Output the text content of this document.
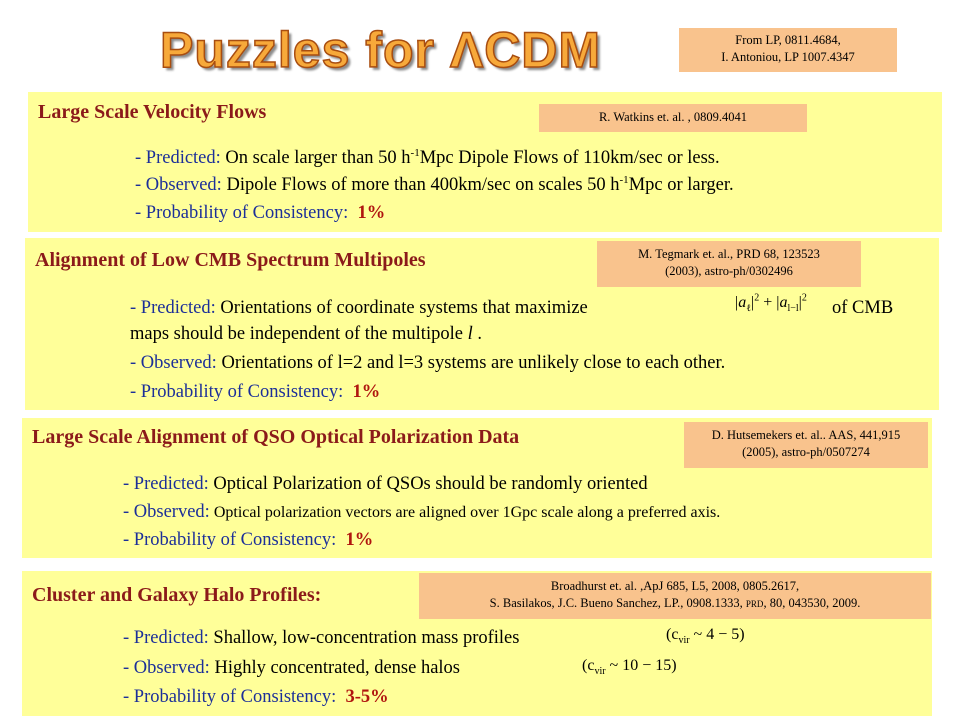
Puzzles for ΛCDM	From LP, 0811.4684,
I. Antoniou, LP 1007.4347
Large Scale Velocity Flows	R. Watkins et. al. , 0809.4041
- Predicted: On scale larger than 50 $h^{-1}Mpc$ Dipole Flows of 110km/sec or less.
- Observed: Dipole Flows of more than 400km/sec on scales 50 $h^{-1}Mpc$ or larger.
- Probability of Consistency: 1%
Alignment of Low CMB Spectrum Multipoles	M. Tegmark et. al., PRD 68, 123523
(2003), astro-ph/0302496
- Predicted: Orientations of coordinate systems that maximize	$|a_\ell|^2 + |a_{l-l}|^2$ of CMB
maps should be independent of the multipole l .
- Observed: Orientations of l=2 and l=3 systems are unlikely close to each other.
- Probability of Consistency: 1%
Large Scale Alignment of QSO Optical Polarization Data	D. Hutsemekers et. al.. AAS, 441,915
(2005), astro-ph/0507274
- Predicted: Optical Polarization of QSOs should be randomly oriented
- Observed: Optical polarization vectors are aligned over 1Gpc scale along a preferred axis.
- Probability of Consistency: 1%
Cluster and Galaxy Halo Profiles:	Broadhurst et. al. ,ApJ 685, L5, 2008, 0805.2617,
S. Basilakos, J.C. Bueno Sanchez, LP., 0908.1333, PRD, 80, 043530, 2009.
- Predicted: Shallow, low-concentration mass profiles	($c_{vir}$ ~ 4 − 5)
- Observed: Highly concentrated, dense halos	($c_{vir}$ ~ 10 − 15)
- Probability of Consistency: 3-5%
